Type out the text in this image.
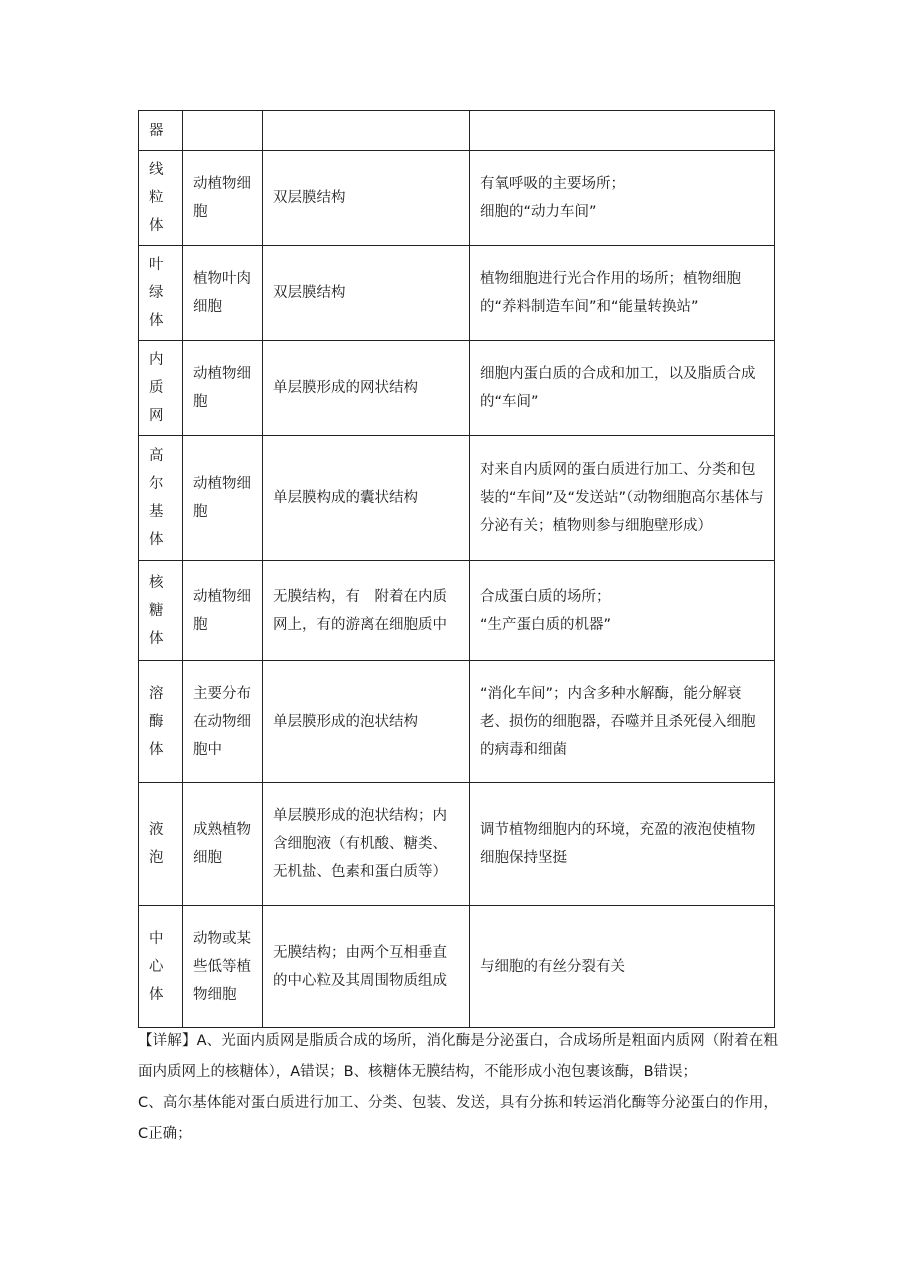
器			

线粒体	动植物细胞	双层膜结构	有氧呼吸的主要场所；
细胞的“动力车间”

叶绿体	植物叶肉细胞	双层膜结构	植物细胞进行光合作用的场所；植物细胞的“养料制造车间”和“能量转换站”

内质网	动植物细胞	单层膜形成的网状结构	细胞内蛋白质的合成和加工，以及脂质合成的“车间”

高尔基体	动植物细胞	单层膜构成的囊状结构	对来自内质网的蛋白质进行加工、分类和包装的“车间”及“发送站”（动物细胞高尔基体与分泌有关；植物则参与细胞壁形成）

核糖体	动植物细胞	无膜结构，有　附着在内质网上，有的游离在细胞质中	合成蛋白质的场所；
“生产蛋白质的机器”

溶酶体	主要分布在动物细胞中	单层膜形成的泡状结构	“消化车间”；内含多种水解酶，能分解衰老、损伤的细胞器，吞噬并且杀死侵入细胞的病毒和细菌

液泡	成熟植物细胞	单层膜形成的泡状结构；内含细胞液（有机酸、糖类、无机盐、色素和蛋白质等）	调节植物细胞内的环境，充盈的液泡使植物细胞保持坚挺

中心体	动物或某些低等植物细胞	无膜结构；由两个互相垂直的中心粒及其周围物质组成	与细胞的有丝分裂有关

【详解】A、光面内质网是脂质合成的场所，消化酶是分泌蛋白，合成场所是粗面内质网（附着在粗面内质网上的核糖体），A错误；B、核糖体无膜结构，不能形成小泡包裹该酶，B错误；

C、高尔基体能对蛋白质进行加工、分类、包装、发送，具有分拣和转运消化酶等分泌蛋白的作用，C正确；
